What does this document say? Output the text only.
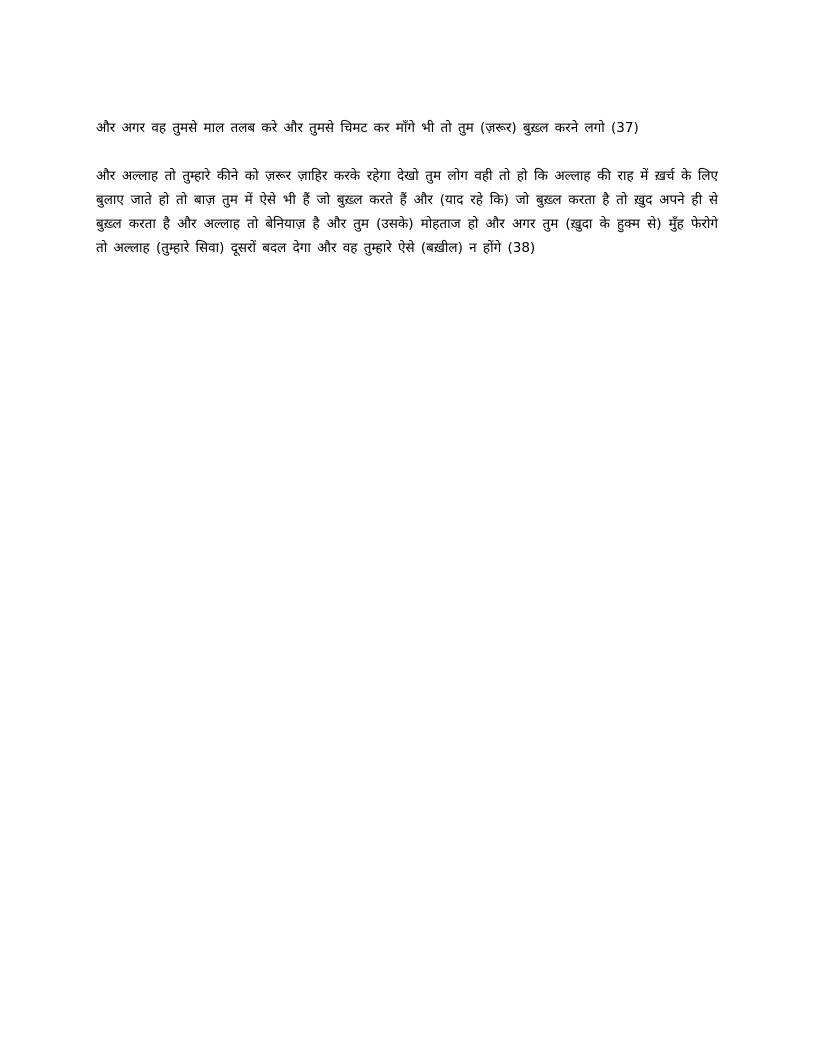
और अगर वह तुमसे माल तलब करे और तुमसे चिमट कर माँगे भी तो तुम (ज़रूर) बुख़्ल करने लगो (37)

और अल्लाह तो तुम्हारे कीने को ज़रूर ज़ाहिर करके रहेगा देखो तुम लोग वही तो हो कि अल्लाह की राह में ख़र्च के लिए बुलाए जाते हो तो बाज़ तुम में ऐसे भी हैं जो बुख़्ल करते हैं और (याद रहे कि) जो बुख़्ल करता है तो ख़ुद अपने ही से बुख़्ल करता है और अल्लाह तो बेनियाज़ है और तुम (उसके) मोहताज हो और अगर तुम (ख़ुदा के हुक्म से) मुँह फेरोगे तो अल्लाह (तुम्हारे सिवा) दूसरों बदल देगा और वह तुम्हारे ऐसे (बख़ील) न होंगे (38)
